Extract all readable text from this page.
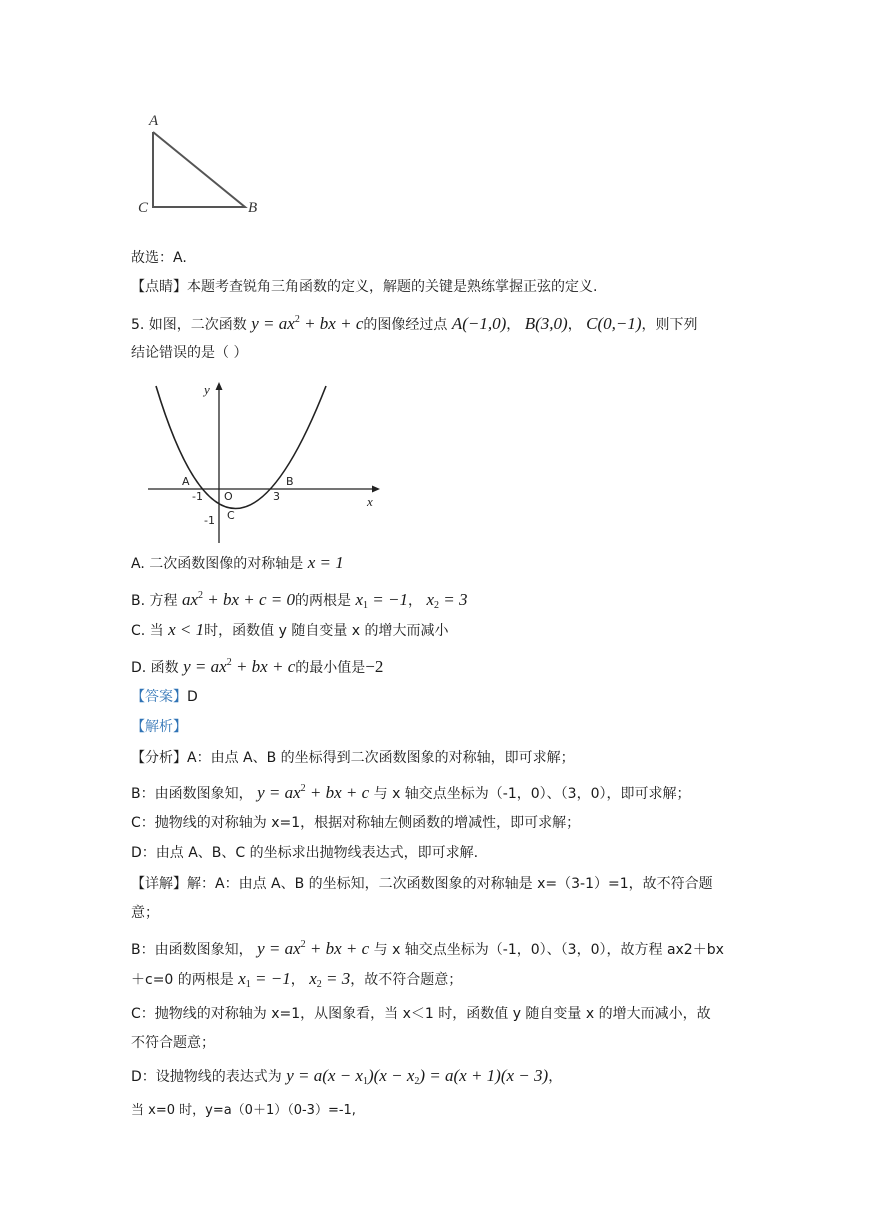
A
C	B
故选：A.
【点睛】本题考查锐角三角函数的定义，解题的关键是熟练掌握正弦的定义.
5. 如图，二次函数 $y = ax^2$ + bx + c的图像经过点 A(−1,0)， B(3,0)， C(0,−1)，则下列
结论错误的是（ ）
y
x
A	B
-1 O	3
-1 C
A. 二次函数图像的对称轴是 x = 1
B. 方程 $ax^2$ + bx + c = 0的两根是 $x_1 = -1$， $x_2 = 3$
C. 当 x < 1时，函数值 y 随自变量 x 的增大而减小
D. 函数 $y = ax^2$ + bx + c的最小值是−2
【答案】D
【解析】
【分析】A：由点 A、B 的坐标得到二次函数图象的对称轴，即可求解；
B：由函数图象知， $y = ax^2$ + bx + c 与 x 轴交点坐标为（-1，0）、（3，0），即可求解；
C：抛物线的对称轴为 x=1，根据对称轴左侧函数的增减性，即可求解；
D：由点 A、B、C 的坐标求出抛物线表达式，即可求解.
【详解】解：A：由点 A、B 的坐标知，二次函数图象的对称轴是 x=（3-1）=1，故不符合题
意；
B：由函数图象知， $y = ax^2$ + bx + c 与 x 轴交点坐标为（-1，0）、（3，0），故方程 ax2＋bx
＋c=0 的两根是 $x_1 = -1$， $x_2 = 3$，故不符合题意；
C：抛物线的对称轴为 x=1，从图象看，当 x＜1 时，函数值 y 随自变量 x 的增大而减小，故
不符合题意；
D：设抛物线的表达式为 $y = a(x - x_1)(x - x_2) = a(x + 1)(x - 3)$，
当 x=0 时，y=a（0＋1）（0-3）=-1,
